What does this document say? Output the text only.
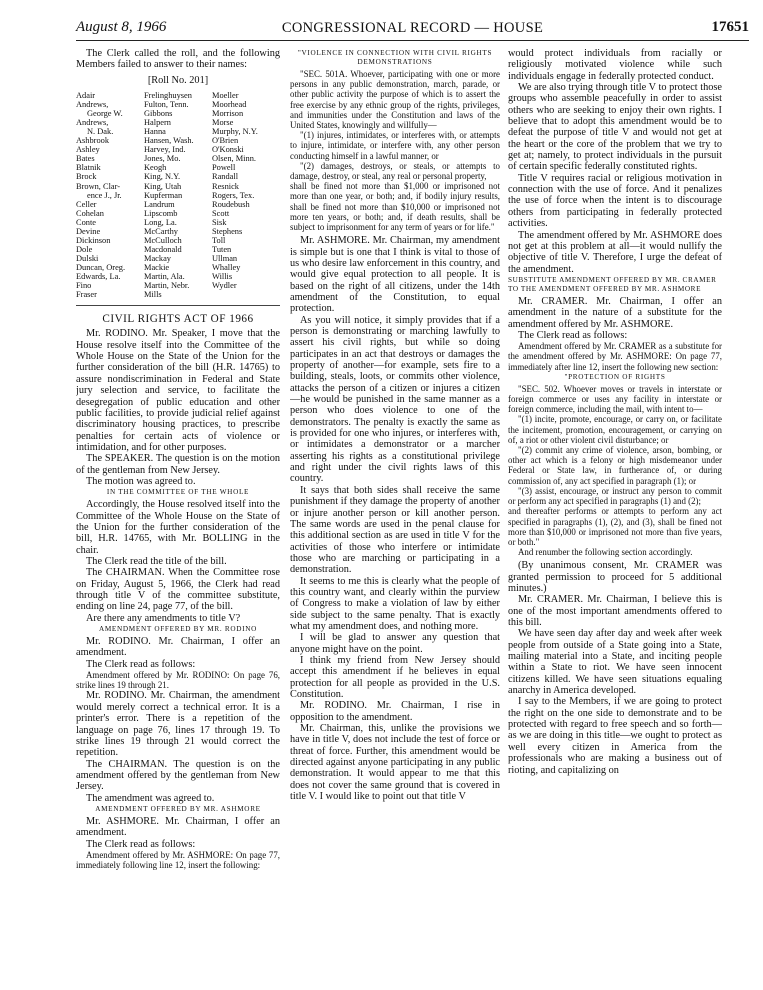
August 8, 1966	CONGRESSIONAL RECORD — HOUSE	17651

The Clerk called the roll, and the following Members failed to answer to their names:

[Roll No. 201]

Adair
Andrews,
George W.
Andrews,
N. Dak.
Ashbrook
Ashley
Bates
Blatnik
Brock
Brown, Clar-
ence J., Jr.
Celler
Cohelan
Conte
Devine
Dickinson
Dole
Dulski
Duncan, Oreg.
Edwards, La.
Fino
Fraser
Frelinghuysen
Fulton, Tenn.
Gibbons
Halpern
Hanna
Hansen, Wash.
Harvey, Ind.
Jones, Mo.
Keogh
King, N.Y.
King, Utah
Kupferman
Landrum
Lipscomb
Long, La.
McCarthy
McCulloch
Macdonald
Mackay
Mackie
Martin, Ala.
Martin, Nebr.
Mills
Moeller
Moorhead
Morrison
Morse
Murphy, N.Y.
O'Brien
O'Konski
Olsen, Minn.
Powell
Randall
Resnick
Rogers, Tex.
Roudebush
Scott
Sisk
Stephens
Toll
Tuten
Ullman
Whalley
Willis
Wydler

CIVIL RIGHTS ACT OF 1966

Mr. RODINO. Mr. Speaker, I move that the House resolve itself into the Committee of the Whole House on the State of the Union for the further consideration of the bill (H.R. 14765) to assure nondiscrimination in Federal and State jury selection and service, to facilitate the desegregation of public education and other public facilities, to provide judicial relief against discriminatory housing practices, to prescribe penalties for certain acts of violence or intimidation, and for other purposes.

The SPEAKER. The question is on the motion of the gentleman from New Jersey.

The motion was agreed to.

IN THE COMMITTEE OF THE WHOLE

Accordingly, the House resolved itself into the Committee of the Whole House on the State of the Union for the further consideration of the bill, H.R. 14765, with Mr. BOLLING in the chair.

The Clerk read the title of the bill.

The CHAIRMAN. When the Committee rose on Friday, August 5, 1966, the Clerk had read through title V of the committee substitute, ending on line 24, page 77, of the bill.

Are there any amendments to title V?

AMENDMENT OFFERED BY MR. RODINO

Mr. RODINO. Mr. Chairman, I offer an amendment.

The Clerk read as follows:

Amendment offered by Mr. RODINO: On page 76, strike lines 19 through 21.

Mr. RODINO. Mr. Chairman, the amendment would merely correct a technical error. It is a printer's error. There is a repetition of the language on page 76, lines 17 through 19. To strike lines 19 through 21 would correct the repetition.

The CHAIRMAN. The question is on the amendment offered by the gentleman from New Jersey.

The amendment was agreed to.

AMENDMENT OFFERED BY MR. ASHMORE

Mr. ASHMORE. Mr. Chairman, I offer an amendment.

The Clerk read as follows:

Amendment offered by Mr. ASHMORE: On page 77, immediately following line 12, insert the following:

"VIOLENCE IN CONNECTION WITH CIVIL RIGHTS DEMONSTRATIONS

"SEC. 501A. Whoever, participating with one or more persons in any public demonstration, march, parade, or other public activity the purpose of which is to assert the free exercise by any ethnic group of the rights, privileges, and immunities under the Constitution and laws of the United States, knowingly and willfully—

"(1) injures, intimidates, or interferes with, or attempts to injure, intimidate, or interfere with, any other person conducting himself in a lawful manner, or

"(2) damages, destroys, or steals, or attempts to damage, destroy, or steal, any real or personal property,

shall be fined not more than $1,000 or imprisoned not more than one year, or both; and, if bodily injury results, shall be fined not more than $10,000 or imprisoned not more ten years, or both; and, if death results, shall be subject to imprisonment for any term of years or for life."

Mr. ASHMORE. Mr. Chairman, my amendment is simple but is one that I think is vital to those of us who desire law enforcement in this country, and would give equal protection to all people. It is based on the right of all citizens, under the 14th amendment of the Constitution, to equal protection.

As you will notice, it simply provides that if a person is demonstrating or marching lawfully to assert his civil rights, but while so doing participates in an act that destroys or damages the property of another—for example, sets fire to a building, steals, loots, or commits other violence, attacks the person of a citizen or injures a citizen—he would be punished in the same manner as a person who does violence to one of the demonstrators. The penalty is exactly the same as is provided for one who injures, or interferes with, or intimidates a demonstrator or a marcher asserting his rights as a constitutional privilege and right under the civil rights laws of this country.

It says that both sides shall receive the same punishment if they damage the property of another or injure another person or kill another person. The same words are used in the penal clause for this additional section as are used in title V for the activities of those who interfere or intimidate those who are marching or participating in a demonstration.

It seems to me this is clearly what the people of this country want, and clearly within the purview of Congress to make a violation of law by either side subject to the same penalty. That is exactly what my amendment does, and nothing more.

I will be glad to answer any question that anyone might have on the point.

I think my friend from New Jersey should accept this amendment if he believes in equal protection for all people as provided in the U.S. Constitution.

Mr. RODINO. Mr. Chairman, I rise in opposition to the amendment.

Mr. Chairman, this, unlike the provisions we have in title V, does not include the test of force or threat of force. Further, this amendment would be directed against anyone participating in any public demonstration. It would appear to me that this does not cover the same ground that is covered in title V. I would like to point out that title V

would protect individuals from racially or religiously motivated violence while such individuals engage in federally protected conduct.

We are also trying through title V to protect those groups who assemble peacefully in order to assist others who are seeking to enjoy their own rights. I believe that to adopt this amendment would be to defeat the purpose of title V and would not get at the heart or the core of the problem that we try to get at; namely, to protect individuals in the pursuit of certain specific federally constituted rights.

Title V requires racial or religious motivation in connection with the use of force. And it penalizes the use of force when the intent is to discourage others from participating in federally protected activities.

The amendment offered by Mr. ASHMORE does not get at this problem at all—it would nullify the objective of title V. Therefore, I urge the defeat of the amendment.

SUBSTITUTE AMENDMENT OFFERED BY MR. CRAMER TO THE AMENDMENT OFFERED BY MR. ASHMORE

Mr. CRAMER. Mr. Chairman, I offer an amendment in the nature of a substitute for the amendment offered by Mr. ASHMORE.

The Clerk read as follows:

Amendment offered by Mr. CRAMER as a substitute for the amendment offered by Mr. ASHMORE: On page 77, immediately after line 12, insert the following new section:

"PROTECTION OF RIGHTS

"SEC. 502. Whoever moves or travels in interstate or foreign commerce or uses any facility in interstate or foreign commerce, including the mail, with intent to—

"(1) incite, promote, encourage, or carry on, or facilitate the incitement, promotion, encouragement, or carrying on of, a riot or other violent civil disturbance; or

"(2) commit any crime of violence, arson, bombing, or other act which is a felony or high misdemeanor under Federal or State law, in furtherance of, or during commission of, any act specified in paragraph (1); or

"(3) assist, encourage, or instruct any person to commit or perform any act specified in paragraphs (1) and (2);

and thereafter performs or attempts to perform any act specified in paragraphs (1), (2), and (3), shall be fined not more than $10,000 or imprisoned not more than five years, or both."

And renumber the following section accordingly.

(By unanimous consent, Mr. CRAMER was granted permission to proceed for 5 additional minutes.)

Mr. CRAMER. Mr. Chairman, I believe this is one of the most important amendments offered to this bill.

We have seen day after day and week after week people from outside of a State going into a State, mailing material into a State, and inciting people within a State to riot. We have seen innocent citizens killed. We have seen situations equaling anarchy in America developed.

I say to the Members, if we are going to protect the right on the one side to demonstrate and to be protected with regard to free speech and so forth—as we are doing in this title—we ought to protect as well every citizen in America from the professionals who are making a business out of rioting, and capitalizing on
